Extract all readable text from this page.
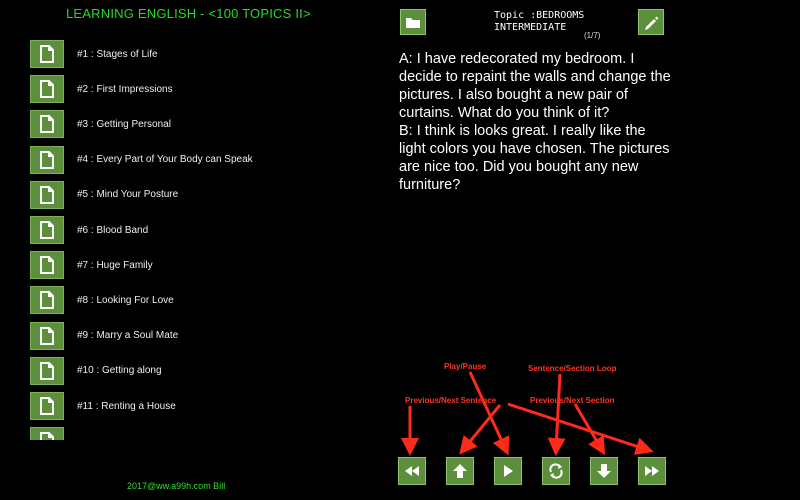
LEARNING ENGLISH - <100 TOPICS II>
#1 : Stages of Life
#2 : First Impressions
#3 : Getting Personal
#4 : Every Part of Your Body can Speak
#5 : Mind Your Posture
#6 : Blood Band
#7 : Huge Family
#8 : Looking For Love
#9 : Marry a Soul Mate
#10 : Getting along
#11 : Renting a House
2017@ww.a99h.com Bill
Topic :BEDROOMS
INTERMEDIATE
(1/7)
A: I have redecorated my bedroom. I decide to repaint the walls and change the pictures. I also bought a new pair of curtains. What do you think of it?
B: I think is looks great. I really like the light colors you have chosen. The pictures are nice too. Did you bought any new furniture?
Play/Pause	Sentence/Section Loop
Previous/Next Sentence	Previous/Next Section
